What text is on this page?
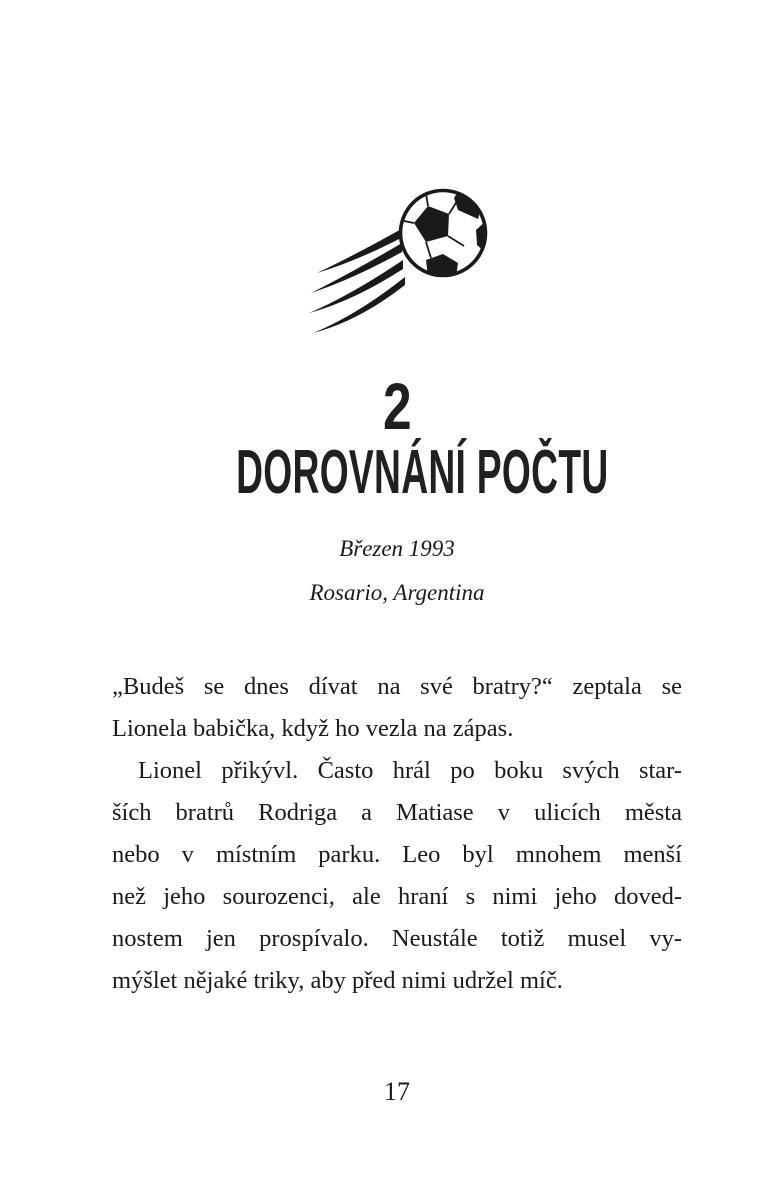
2
DOROVNÁNÍ POČTU
Březen 1993
Rosario, Argentina
„Budeš se dnes dívat na své bratry?“ zeptala se
Lionela babička, když ho vezla na zápas.
Lionel přikývl. Často hrál po boku svých star-
ších bratrů Rodriga a Matiase v ulicích města
nebo v místním parku. Leo byl mnohem menší
než jeho sourozenci, ale hraní s nimi jeho doved-
nostem jen prospívalo. Neustále totiž musel vy-
mýšlet nějaké triky, aby před nimi udržel míč.
17
